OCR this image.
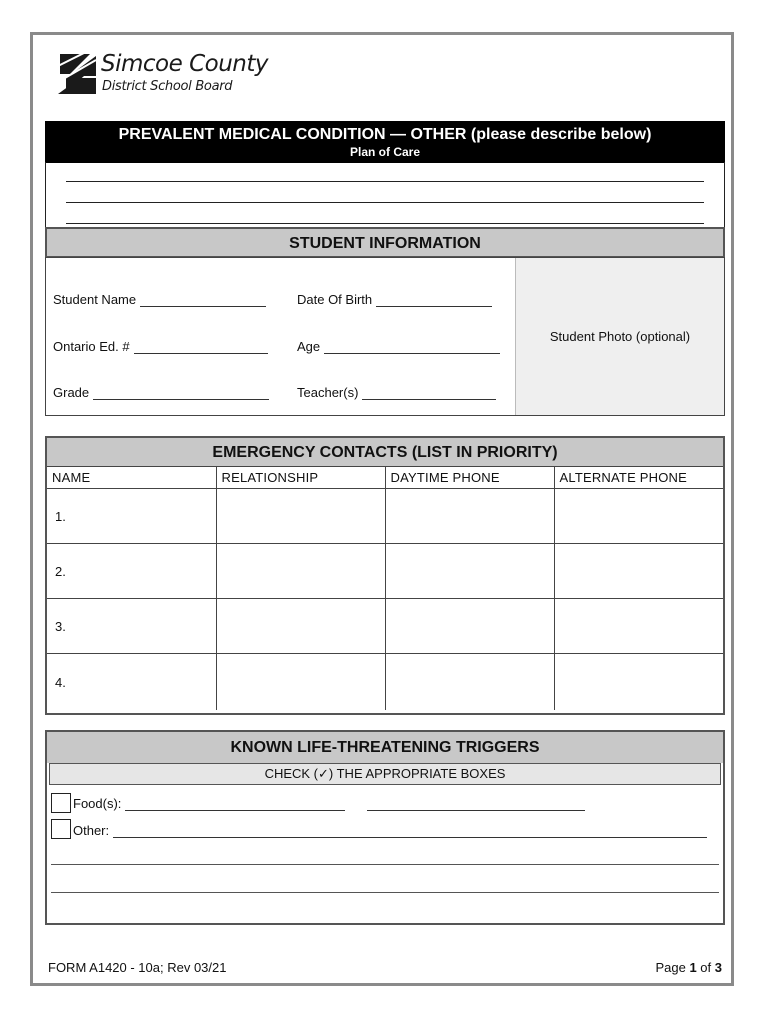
Simcoe County
District School Board
PREVALENT MEDICAL CONDITION — OTHER (please describe below)
Plan of Care
STUDENT INFORMATION
Student Name	Date Of Birth
Ontario Ed. #	Age
Grade	Teacher(s)
Student Photo (optional)
EMERGENCY CONTACTS (LIST IN PRIORITY)
NAME	RELATIONSHIP	DAYTIME PHONE	ALTERNATE PHONE
1.			
2.			
3.			
4.			
KNOWN LIFE-THREATENING TRIGGERS
CHECK (✓) THE APPROPRIATE BOXES
Food(s):
Other:
FORM A1420 - 10a; Rev 03/21	Page 1 of 3
